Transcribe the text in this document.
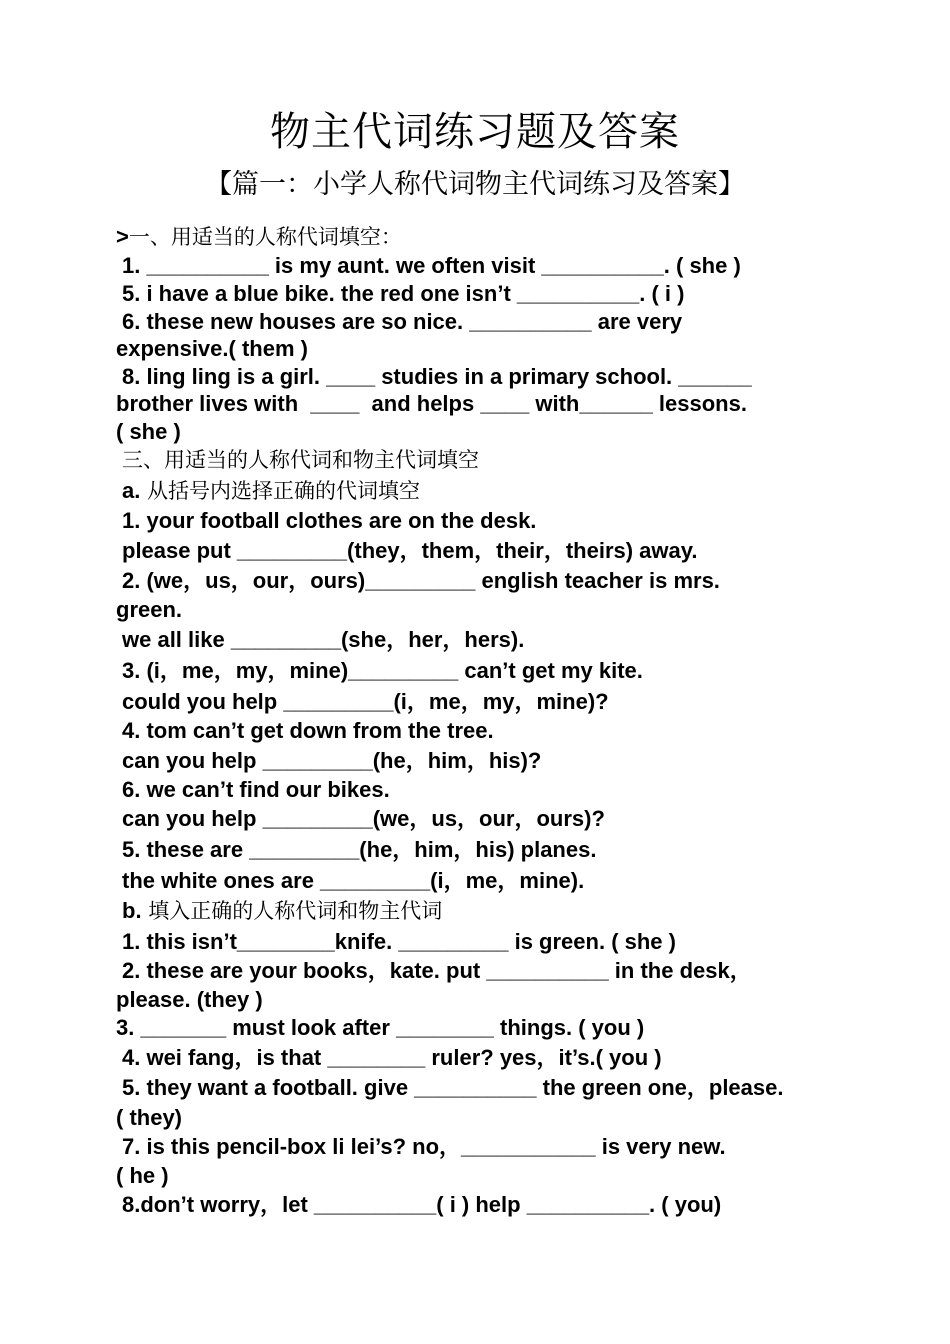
物主代词练习题及答案
【篇一：小学人称代词物主代词练习及答案】
>一、用适当的人称代词填空：
1. __________ is my aunt. we often visit __________. ( she )
5. i have a blue bike. the red one isn’t __________. ( i )
6. these new houses are so nice. __________ are very
expensive.( them )
8. ling ling is a girl. ____ studies in a primary school. ______
brother lives with  ____  and helps ____ with______ lessons.
( she )
三、用适当的人称代词和物主代词填空
a. 从括号内选择正确的代词填空
1. your football clothes are on the desk.
please put _________(they，them，their，theirs) away.
2. (we，us，our，ours)_________ english teacher is mrs.
green.
we all like _________(she，her，hers).
3. (i，me，my，mine)_________ can’t get my kite.
could you help _________(i，me，my，mine)?
4. tom can’t get down from the tree.
can you help _________(he，him，his)?
6. we can’t find our bikes.
can you help _________(we，us，our，ours)?
5. these are _________(he，him，his) planes.
the white ones are _________(i，me，mine).
b. 填入正确的人称代词和物主代词
1. this isn’t________knife. _________ is green. ( she )
2. these are your books，kate. put __________ in the desk，
please. (they )
3. _______ must look after ________ things. ( you )
4. wei fang，is that ________ ruler? yes，it’s.( you )
5. they want a football. give __________ the green one，please.
( they)
7. is this pencil-box li lei’s? no，___________ is very new.
( he )
8.don’t worry，let __________( i ) help __________. ( you)
